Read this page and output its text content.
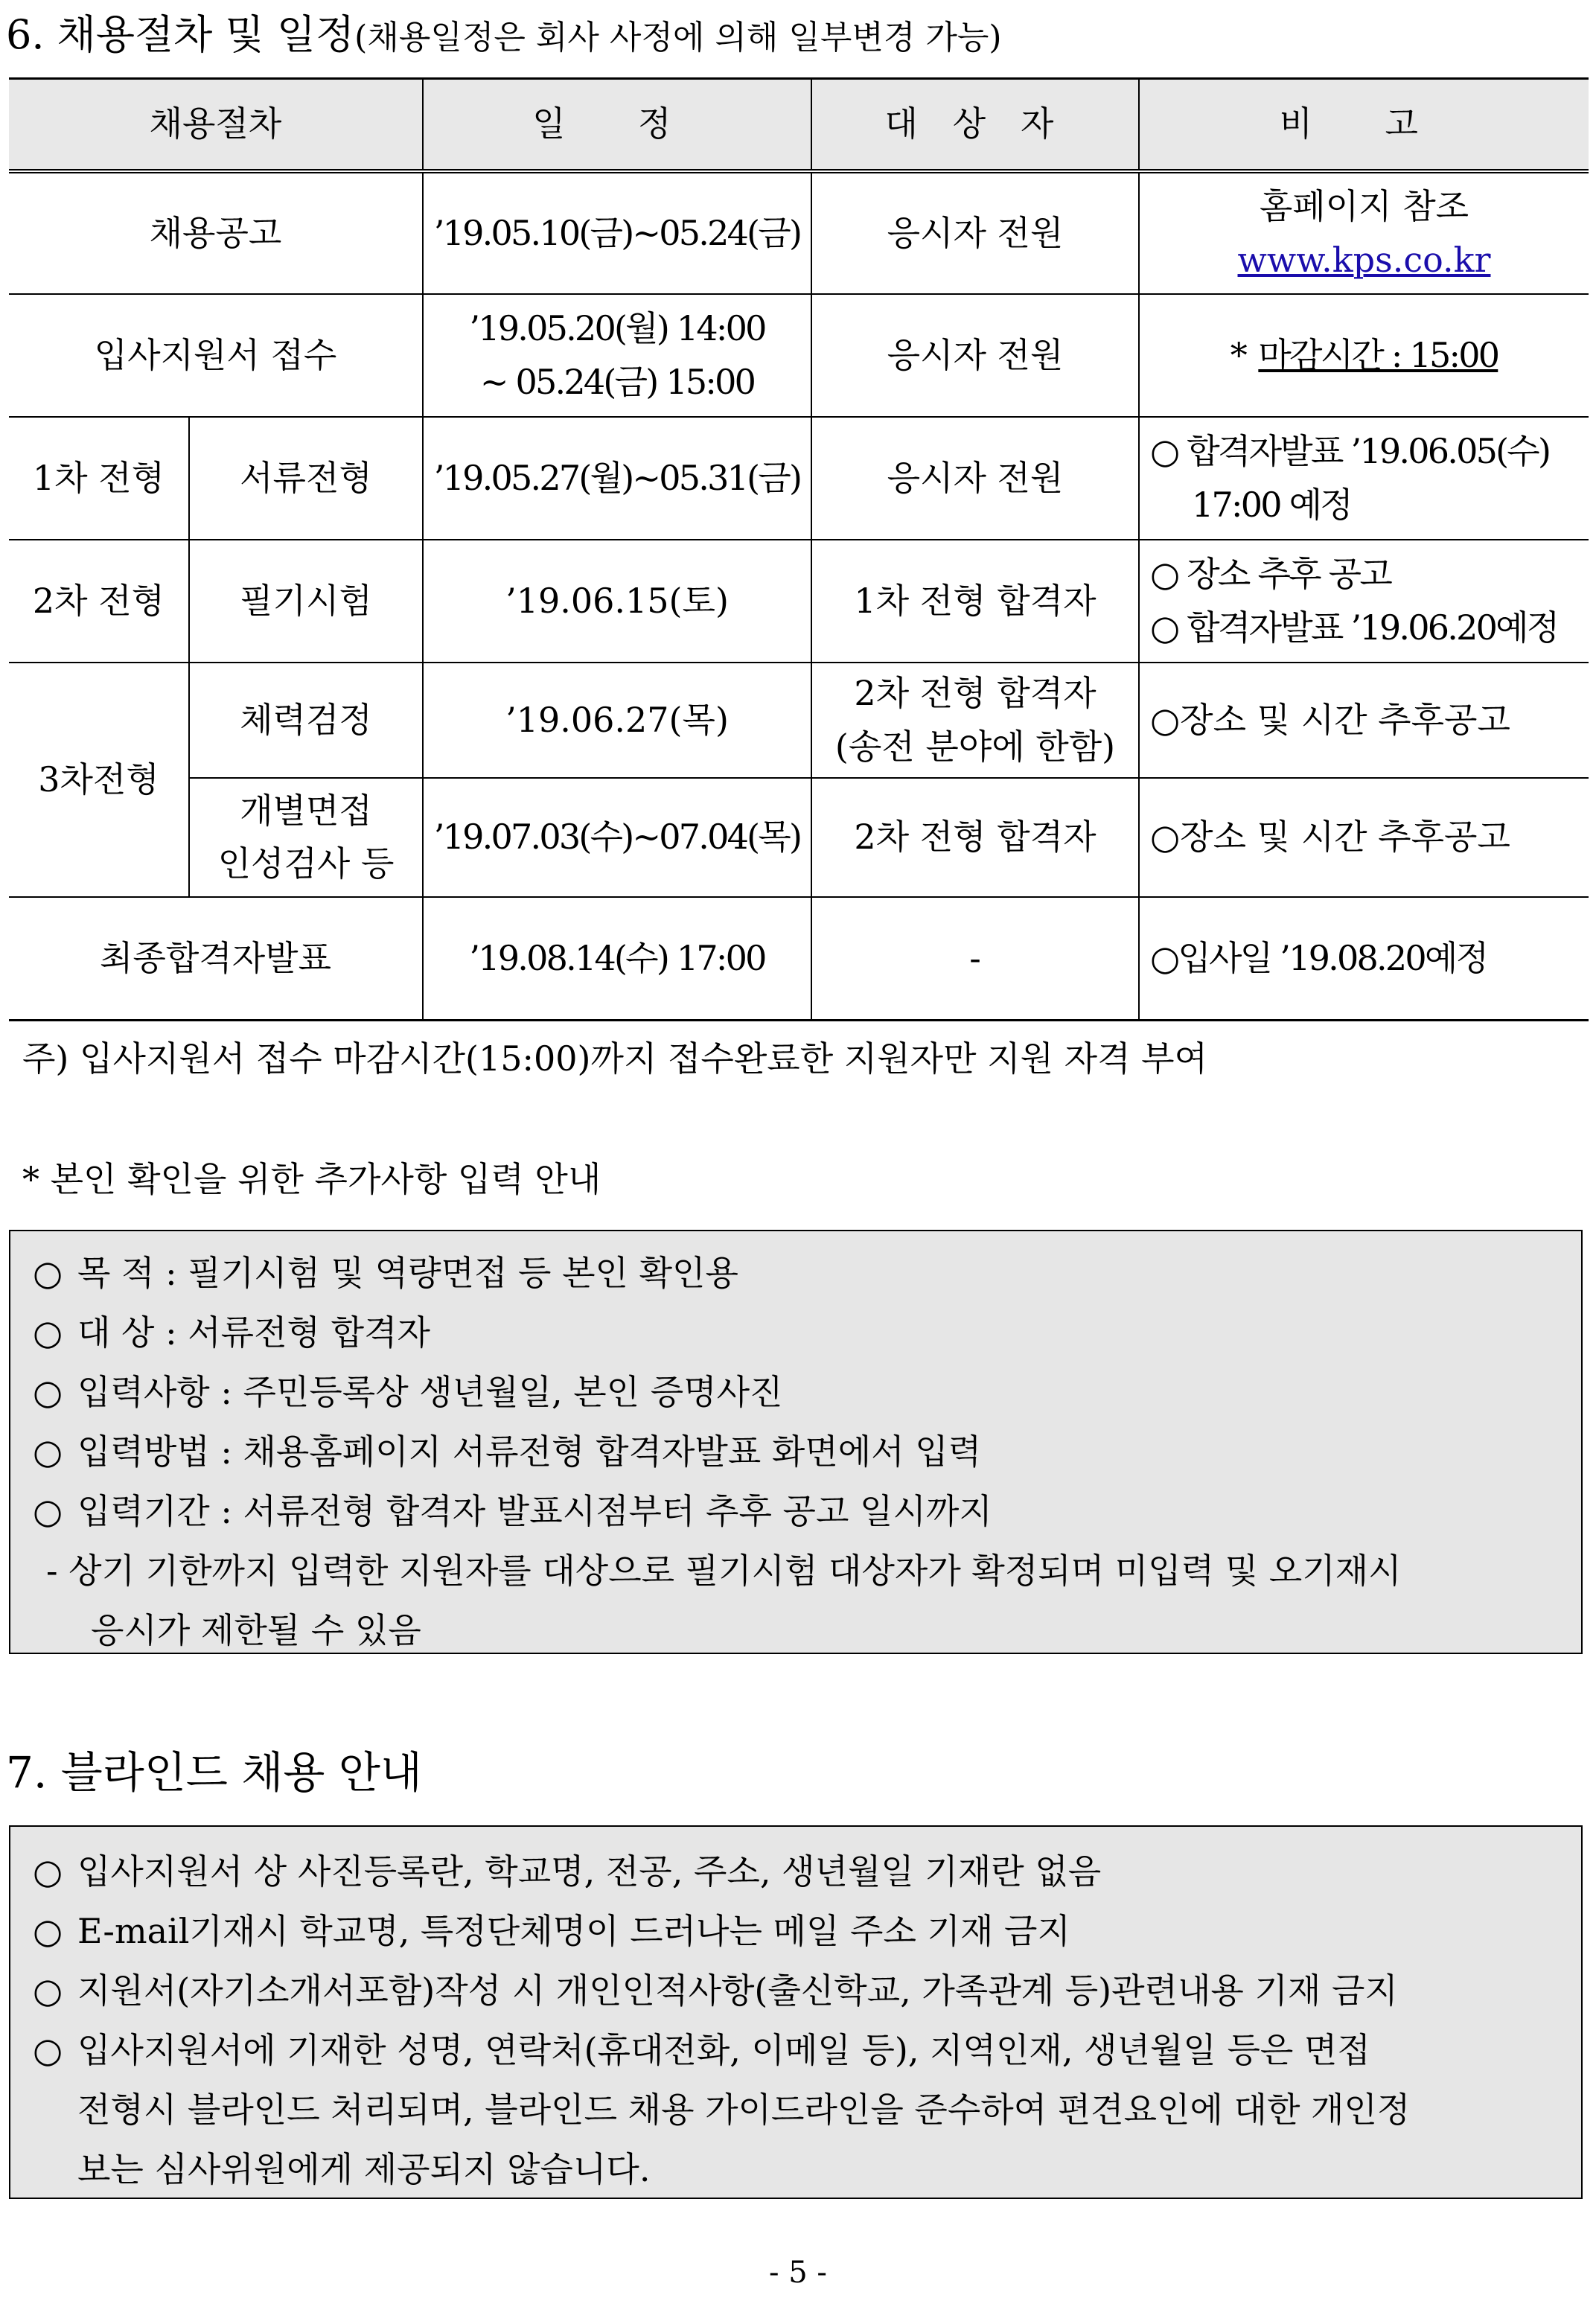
6. 채용절차 및 일정(채용일정은 회사 사정에 의해 일부변경 가능)
채용절차		일 정	대 상 자	비 고
채용공고		’19.05.10(금)~05.24(금)	응시자 전원	홈페이지 참조
www.kps.co.kr

입사지원서 접수		’19.05.20(월) 14:00
~ 05.24(금) 15:00	응시자 전원	* 마감시간 : 15:00
1차 전형	서류전형	’19.05.27(월)~05.31(금)	응시자 전원	○ 합격자발표 ’19.06.05(수)
17:00 예정

2차 전형	필기시험	’19.06.15(토)	1차 전형 합격자	○ 장소 추후 공고
○ 합격자발표 ’19.06.20예정

3차전형	체력검정	’19.06.27(목)	2차 전형 합격자
(송전 분야에 한함)	○장소 및 시간 추후공고

	개별면접
인성검사 등	’19.07.03(수)~07.04(목)	2차 전형 합격자	○장소 및 시간 추후공고
최종합격자발표		’19.08.14(수) 17:00	-	○입사일 ’19.08.20예정
주) 입사지원서 접수 마감시간(15:00)까지 접수완료한 지원자만 지원 자격 부여
* 본인 확인을 위한 추가사항 입력 안내
○ 목 적 : 필기시험 및 역량면접 등 본인 확인용
○ 대 상 : 서류전형 합격자
○ 입력사항 : 주민등록상 생년월일, 본인 증명사진
○ 입력방법 : 채용홈페이지 서류전형 합격자발표 화면에서 입력
○ 입력기간 : 서류전형 합격자 발표시점부터 추후 공고 일시까지
- 상기 기한까지 입력한 지원자를 대상으로 필기시험 대상자가 확정되며 미입력 및 오기재시
응시가 제한될 수 있음
7. 블라인드 채용 안내
○ 입사지원서 상 사진등록란, 학교명, 전공, 주소, 생년월일 기재란 없음
○ E-mail기재시 학교명, 특정단체명이 드러나는 메일 주소 기재 금지
○ 지원서(자기소개서포함)작성 시 개인인적사항(출신학교, 가족관계 등)관련내용 기재 금지
○ 입사지원서에 기재한 성명, 연락처(휴대전화, 이메일 등), 지역인재, 생년월일 등은 면접
전형시 블라인드 처리되며, 블라인드 채용 가이드라인을 준수하여 편견요인에 대한 개인정
보는 심사위원에게 제공되지 않습니다.
- 5 -
